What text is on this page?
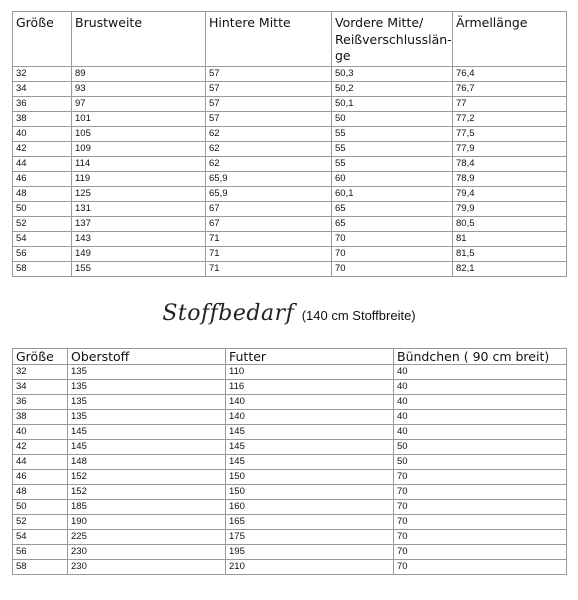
Größe	Brustweite	Hintere Mitte	Vordere Mitte/ Reißverschlusslän-ge	Ärmellänge
32	89	57	50,3	76,4
34	93	57	50,2	76,7
36	97	57	50,1	77
38	101	57	50	77,2
40	105	62	55	77,5
42	109	62	55	77,9
44	114	62	55	78,4
46	119	65,9	60	78,9
48	125	65,9	60,1	79,4
50	131	67	65	79,9
52	137	67	65	80,5
54	143	71	70	81
56	149	71	70	81,5
58	155	71	70	82,1
Stoffbedarf (140 cm Stoffbreite)
Größe	Oberstoff	Futter	Bündchen ( 90 cm breit)
32	135	110	40
34	135	116	40
36	135	140	40
38	135	140	40
40	145	145	40
42	145	145	50
44	148	145	50
46	152	150	70
48	152	150	70
50	185	160	70
52	190	165	70
54	225	175	70
56	230	195	70
58	230	210	70
